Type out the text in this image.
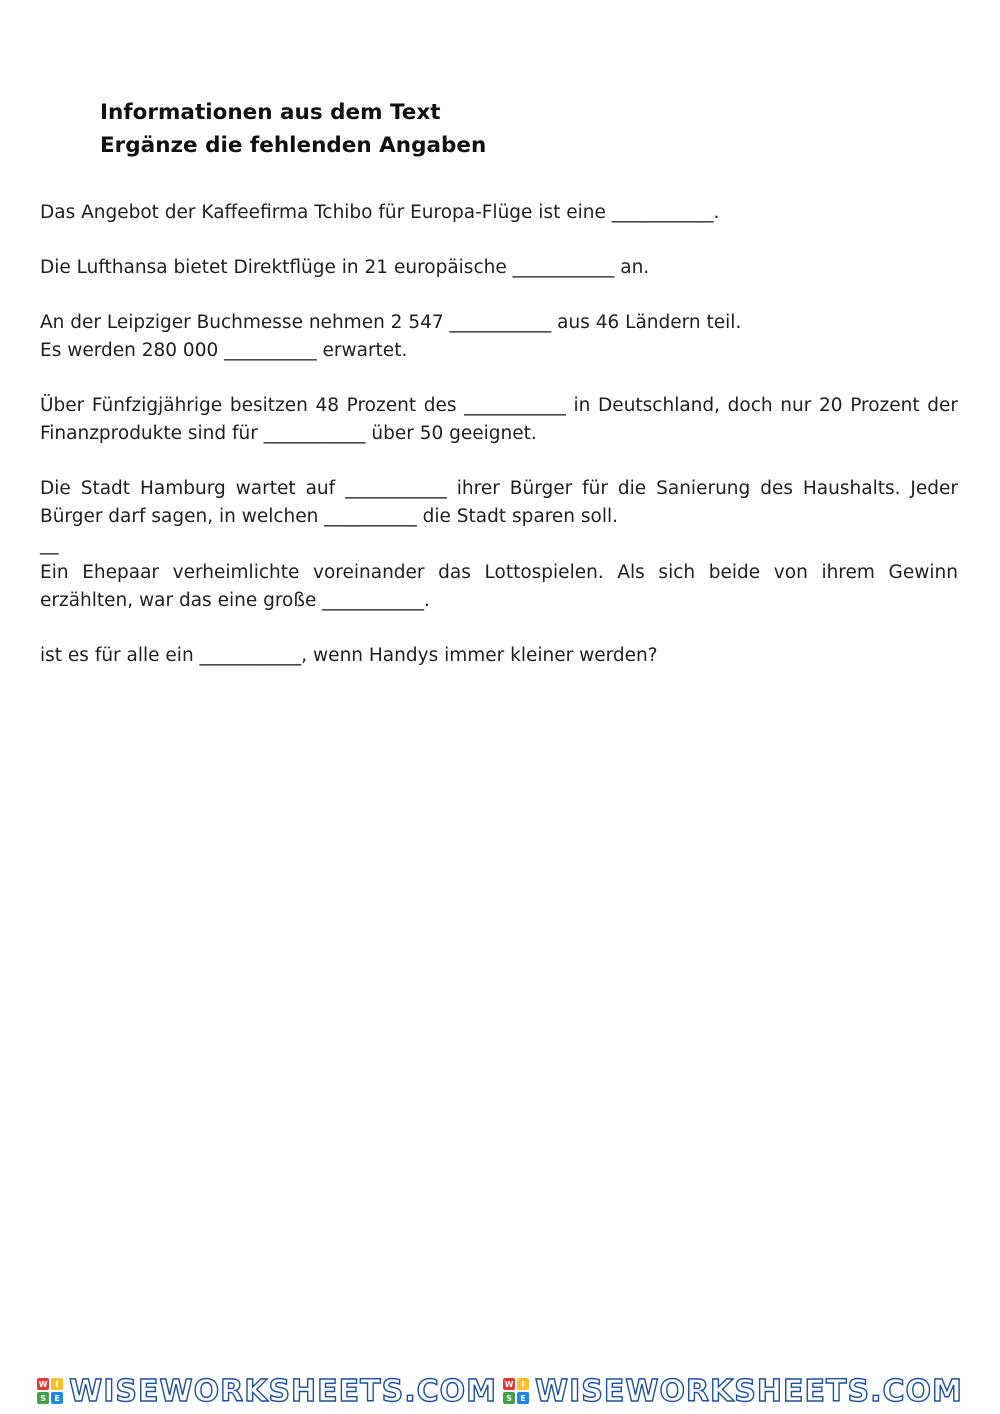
Informationen aus dem Text
Ergänze die fehlenden Angaben

Das Angebot der Kaffeefirma Tchibo für Europa-Flüge ist eine ___________.

Die Lufthansa bietet Direktflüge in 21 europäische ___________ an.

An der Leipziger Buchmesse nehmen 2 547 ___________ aus 46 Ländern teil.
Es werden 280 000 __________ erwartet.

Über Fünfzigjährige besitzen 48 Prozent des ___________ in Deutschland, doch nur 20 Prozent der Finanzprodukte sind für ___________ über 50 geeignet.

Die Stadt Hamburg wartet auf ___________ ihrer Bürger für die Sanierung des Haushalts. Jeder Bürger darf sagen, in welchen __________ die Stadt sparen soll.

__

Ein Ehepaar verheimlichte voreinander das Lottospielen. Als sich beide von ihrem Gewinn erzählten, war das eine große ___________.

ist es für alle ein ___________, wenn Handys immer kleiner werden?

W	I
S	E WISEWORKSHEETS.COM W	I
S	E WISEWORKSHEETS.COM
